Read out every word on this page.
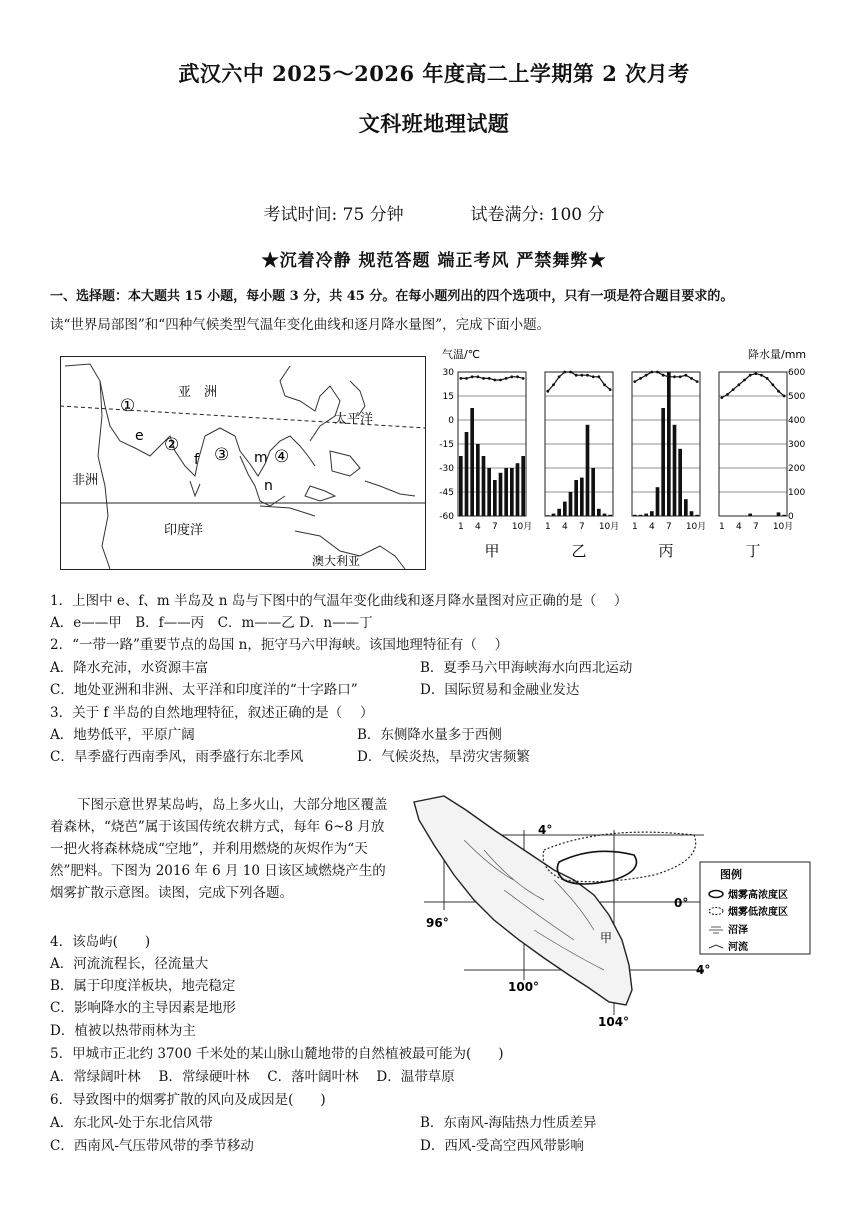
武汉六中 2025～2026 年度高二上学期第 2 次月考
文科班地理试题
考试时间: 75 分钟	试卷满分: 100 分
★沉着冷静 规范答题 端正考风 严禁舞弊★
一、选择题：本大题共 15 小题，每小题 3 分，共 45 分。在每小题列出的四个选项中，只有一项是符合题目要求的。
读“世界局部图”和“四种气候类型气温年变化曲线和逐月降水量图”，完成下面小题。
亚　洲
太平洋
非洲
印度洋
澳大利亚
①
② ③	④
e
f	m
n
气温/℃	降水量/mm
30
15
0
-15
-30
-45
-60
600
500
400
300
200
100
0
1 4 7 10月
甲
1 4 7 10月
乙
1 4 7 10月
丙
1 4 7 10月
丁
1．上图中 e、f、m 半岛及 n 岛与下图中的气温年变化曲线和逐月降水量图对应正确的是（　 ）
A．e——甲　B．f——丙　C．m——乙 D．n——丁
2．“一带一路”重要节点的岛国 n，扼守马六甲海峡。该国地理特征有（　 ）
A．降水充沛，水资源丰富	B．夏季马六甲海峡海水向西北运动
C．地处亚洲和非洲、太平洋和印度洋的“十字路口”	D．国际贸易和金融业发达
3．关于 f 半岛的自然地理特征，叙述正确的是（　 ）
A．地势低平，平原广阔	B．东侧降水量多于西侧
C．旱季盛行西南季风，雨季盛行东北季风	D．气候炎热，旱涝灾害频繁
　　下图示意世界某岛屿，岛上多火山，大部分地区覆盖着森林，“烧芭”属于该国传统农耕方式，每年 6~8 月放一把火将森林烧成“空地”，并利用燃烧的灰烬作为“天然”肥料。下图为 2016 年 6 月 10 日该区域燃烧产生的烟雾扩散示意图。读图，完成下列各题。
4．该岛屿(　　)
A．河流流程长，径流量大
B．属于印度洋板块，地壳稳定
C．影响降水的主导因素是地形
D．植被以热带雨林为主
5．甲城市正北约 3700 千米处的某山脉山麓地带的自然植被最可能为(　　)
A．常绿阔叶林　 B．常绿硬叶林　 C．落叶阔叶林　 D．温带草原
6．导致图中的烟雾扩散的风向及成因是(　　)
A．东北风-处于东北信风带	B．东南风-海陆热力性质差异
C．西南风-气压带风带的季节移动	D．西风-受高空西风带影响
4°
0°
4°
96°
100°
104°
甲
图例
烟雾高浓度区
烟雾低浓度区
沼泽
河流
